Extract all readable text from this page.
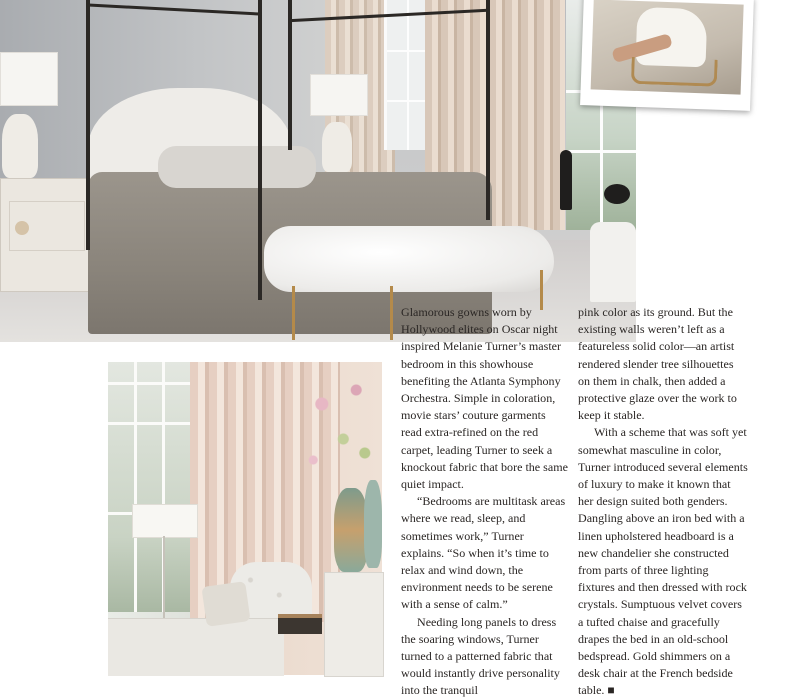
Glamorous gowns worn by Hollywood elites on Oscar night inspired Melanie Turner’s master bedroom in this showhouse benefiting the Atlanta Symphony Orchestra. Simple in coloration, movie stars’ couture garments read extra-refined on the red carpet, leading Turner to seek a knockout fabric that bore the same quiet impact.

“Bedrooms are multitask areas where we read, sleep, and sometimes work,” Turner explains. “So when it’s time to relax and wind down, the environment needs to be serene with a sense of calm.”

Needing long panels to dress the soaring windows, Turner turned to a patterned fabric that would instantly drive personality into the tranquil

pink color as its ground. But the existing walls weren’t left as a featureless solid color—an artist rendered slender tree silhouettes on them in chalk, then added a protective glaze over the work to keep it stable.

With a scheme that was soft yet somewhat masculine in color, Turner introduced several elements of luxury to make it known that her design suited both genders. Dangling above an iron bed with a linen upholstered headboard is a new chandelier she constructed from parts of three lighting fixtures and then dressed with rock crystals. Sumptuous velvet covers a tufted chaise and gracefully drapes the bed in an old-school bedspread. Gold shimmers on a desk chair at the French bedside table. ■
